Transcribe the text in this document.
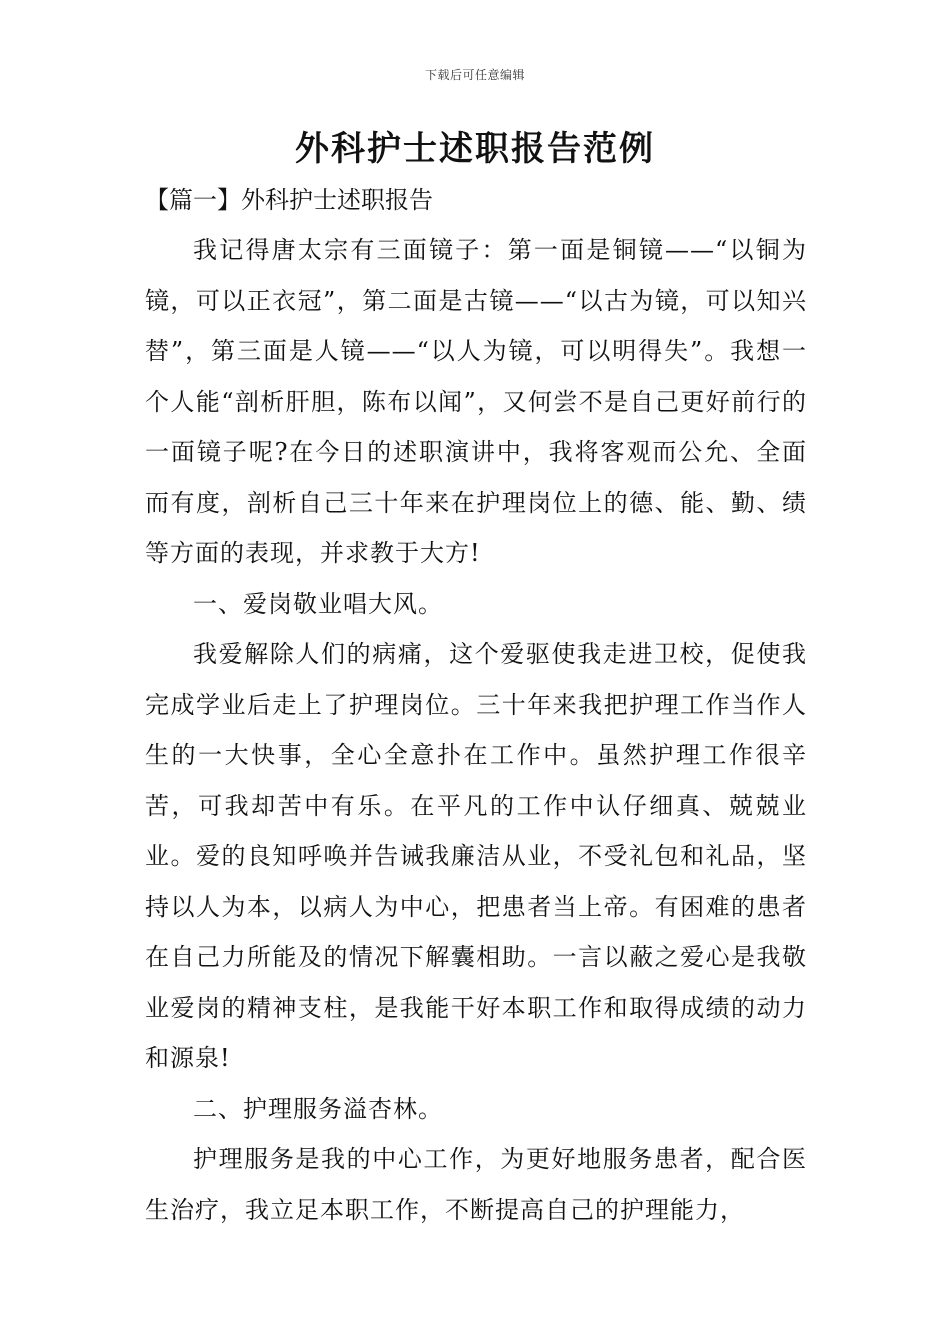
下载后可任意编辑
外科护士述职报告范例
【篇一】外科护士述职报告

我记得唐太宗有三面镜子：第一面是铜镜——“以铜为镜，可以正衣冠”，第二面是古镜——“以古为镜，可以知兴替”，第三面是人镜——“以人为镜，可以明得失”。我想一个人能“剖析肝胆，陈布以闻”，又何尝不是自己更好前行的一面镜子呢?在今日的述职演讲中，我将客观而公允、全面而有度，剖析自己三十年来在护理岗位上的德、能、勤、绩等方面的表现，并求教于大方!

一、爱岗敬业唱大风。

我爱解除人们的病痛，这个爱驱使我走进卫校，促使我完成学业后走上了护理岗位。三十年来我把护理工作当作人生的一大快事，全心全意扑在工作中。虽然护理工作很辛苦，可我却苦中有乐。在平凡的工作中认仔细真、兢兢业业。爱的良知呼唤并告诫我廉洁从业，不受礼包和礼品，坚持以人为本，以病人为中心，把患者当上帝。有困难的患者在自己力所能及的情况下解囊相助。一言以蔽之爱心是我敬业爱岗的精神支柱，是我能干好本职工作和取得成绩的动力和源泉!

二、护理服务溢杏林。

护理服务是我的中心工作，为更好地服务患者，配合医生治疗，我立足本职工作，不断提高自己的护理能力，
